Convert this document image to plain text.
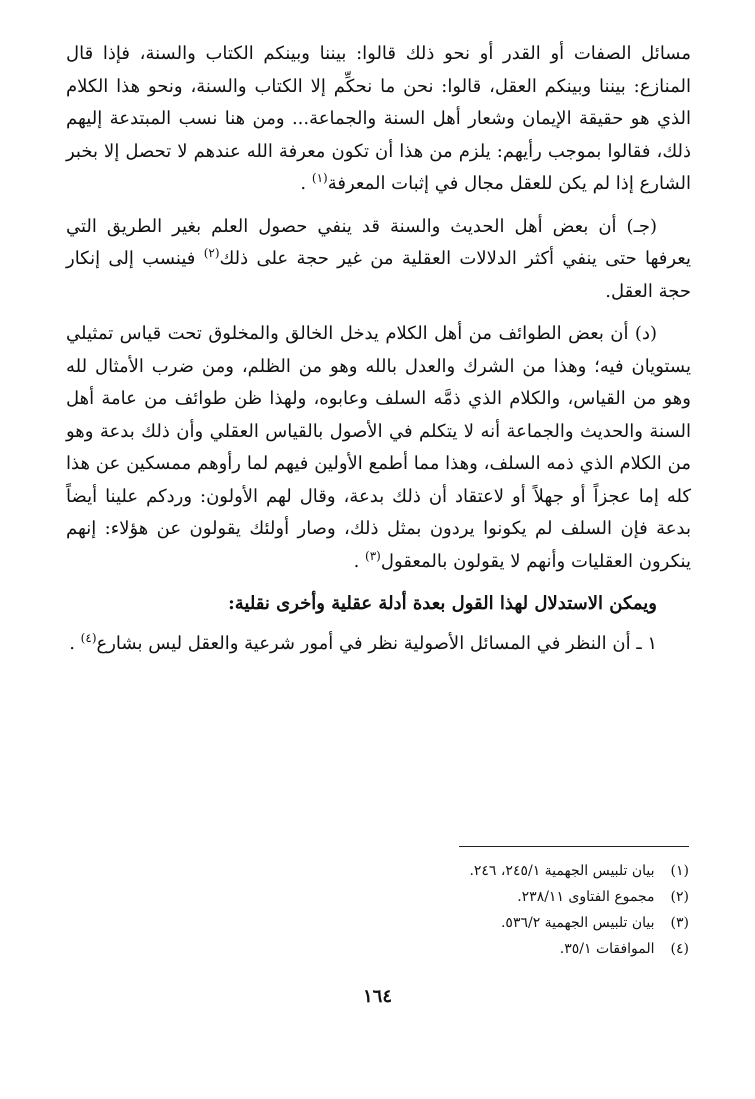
مسائل الصفات أو القدر أو نحو ذلك قالوا: بيننا وبينكم الكتاب والسنة، فإذا قال المنازع: بيننا وبينكم العقل، قالوا: نحن ما نحكِّم إلا الكتاب والسنة، ونحو هذا الكلام الذي هو حقيقة الإيمان وشعار أهل السنة والجماعة... ومن هنا نسب المبتدعة إليهم ذلك، فقالوا بموجب رأيهم: يلزم من هذا أن تكون معرفة الله عندهم لا تحصل إلا بخبر الشارع إذا لم يكن للعقل مجال في إثبات المعرفة$^{(١)}$ .

(جـ) أن بعض أهل الحديث والسنة قد ينفي حصول العلم بغير الطريق التي يعرفها حتى ينفي أكثر الدلالات العقلية من غير حجة على ذلك$^{(٢)}$ فينسب إلى إنكار حجة العقل.

(د) أن بعض الطوائف من أهل الكلام يدخل الخالق والمخلوق تحت قياس تمثيلي يستويان فيه؛ وهذا من الشرك والعدل بالله وهو من الظلم، ومن ضرب الأمثال لله وهو من القياس، والكلام الذي ذمَّه السلف وعابوه، ولهذا ظن طوائف من عامة أهل السنة والحديث والجماعة أنه لا يتكلم في الأصول بالقياس العقلي وأن ذلك بدعة وهو من الكلام الذي ذمه السلف، وهذا مما أطمع الأولين فيهم لما رأوهم ممسكين عن هذا كله إما عجزاً أو جهلاً أو لاعتقاد أن ذلك بدعة، وقال لهم الأولون: وردكم علينا أيضاً بدعة فإن السلف لم يكونوا يردون بمثل ذلك، وصار أولئك يقولون عن هؤلاء: إنهم ينكرون العقليات وأنهم لا يقولون بالمعقول$^{(٣)}$ .

ويمكن الاستدلال لهذا القول بعدة أدلة عقلية وأخرى نقلية:

١ ـ أن النظر في المسائل الأصولية نظر في أمور شرعية والعقل ليس بشارع$^{(٤)}$ .

(١) بيان تلبيس الجهمية ٢٤٥/١، ٢٤٦.
(٢) مجموع الفتاوى ٢٣٨/١١.
(٣) بيان تلبيس الجهمية ٥٣٦/٢.
(٤) الموافقات ٣٥/١.
١٦٤
